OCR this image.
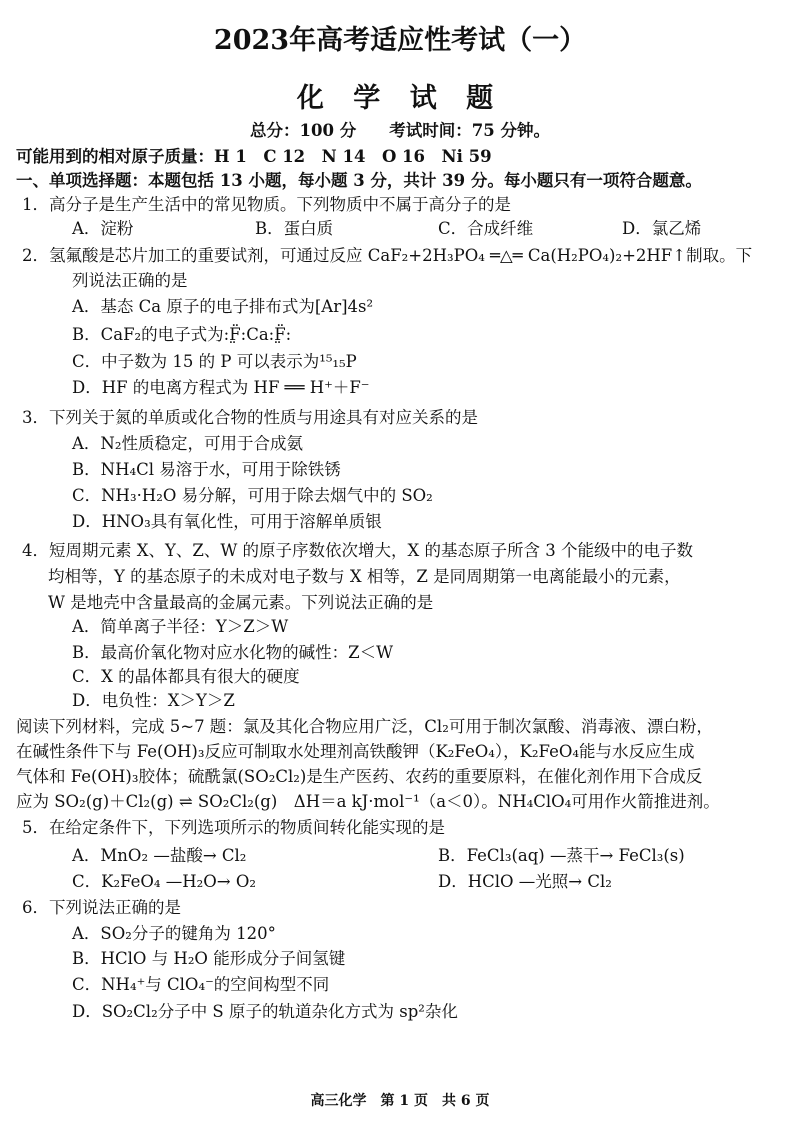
2023年高考适应性考试（一）
化 学 试 题
总分：100 分　　考试时间：75 分钟。
可能用到的相对原子质量：H 1　C 12　N 14　O 16　Ni 59
一、单项选择题：本题包括 13 小题，每小题 3 分，共计 39 分。每小题只有一项符合题意。
1．高分子是生产生活中的常见物质。下列物质中不属于高分子的是
A．淀粉	B．蛋白质	C．合成纤维	D．氯乙烯
2．氢氟酸是芯片加工的重要试剂，可通过反应 CaF₂+2H₃PO₄ ═△═ Ca(H₂PO₄)₂+2HF↑制取。下
列说法正确的是
A．基态 Ca 原子的电子排布式为[Ar]4s²
B．CaF₂的电子式为:F̤̈:Ca:F̤̈:
C．中子数为 15 的 P 可以表示为¹⁵₁₅P
D．HF 的电离方程式为 HF ══ H⁺＋F⁻
3．下列关于氮的单质或化合物的性质与用途具有对应关系的是
A．N₂性质稳定，可用于合成氨
B．NH₄Cl 易溶于水，可用于除铁锈
C．NH₃·H₂O 易分解，可用于除去烟气中的 SO₂
D．HNO₃具有氧化性，可用于溶解单质银
4．短周期元素 X、Y、Z、W 的原子序数依次增大，X 的基态原子所含 3 个能级中的电子数
均相等，Y 的基态原子的未成对电子数与 X 相等，Z 是同周期第一电离能最小的元素，
W 是地壳中含量最高的金属元素。下列说法正确的是
A．简单离子半径：Y＞Z＞W
B．最高价氧化物对应水化物的碱性：Z＜W
C．X 的晶体都具有很大的硬度
D．电负性：X＞Y＞Z
阅读下列材料，完成 5~7 题：氯及其化合物应用广泛，Cl₂可用于制次氯酸、消毒液、漂白粉，
在碱性条件下与 Fe(OH)₃反应可制取水处理剂高铁酸钾（K₂FeO₄），K₂FeO₄能与水反应生成
气体和 Fe(OH)₃胶体；硫酰氯(SO₂Cl₂)是生产医药、农药的重要原料，在催化剂作用下合成反
应为 SO₂(g)＋Cl₂(g) ⇌ SO₂Cl₂(g)　ΔH＝a kJ·mol⁻¹（a＜0）。NH₄ClO₄可用作火箭推进剂。
5．在给定条件下，下列选项所示的物质间转化能实现的是
A．MnO₂ —盐酸→ Cl₂	B．FeCl₃(aq) —蒸干→ FeCl₃(s)
C．K₂FeO₄ —H₂O→ O₂	D．HClO —光照→ Cl₂
6．下列说法正确的是
A．SO₂分子的键角为 120°
B．HClO 与 H₂O 能形成分子间氢键
C．NH₄⁺与 ClO₄⁻的空间构型不同
D．SO₂Cl₂分子中 S 原子的轨道杂化方式为 sp²杂化
高三化学　第 1 页　共 6 页
